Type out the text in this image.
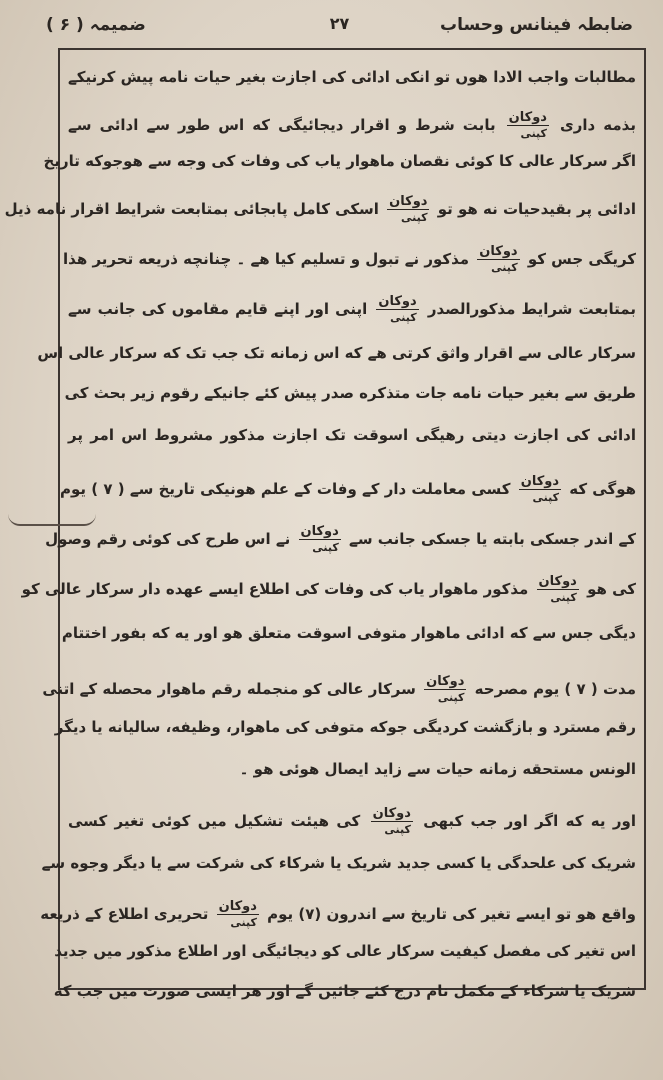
ضابطہ فینانس وحساب
۲۷
ضمیمہ ( ۶ )
مطالبات واجب الادا هوں تو انکی ادائی کی اجازت بغیر حیات نامه پیش کرنیکے
بذمه داری
$\frac{\text{دوکان}}{\text{کپنی}}$
بابت شرط و اقرار دیجائیگی که اس طور سے ادائی سے
اگر سرکار عالی کا کوئی نقصان ماهوار یاب کی وفات کی وجه سے هوجوکه تاریخ
ادائی پر بقیدحیات نه هو تو
$\frac{\text{دوکان}}{\text{کپنی}}$
اسکی کامل پابجائی بمتابعت شرایط اقرار نامه ذیل
کریگی جس کو
$\frac{\text{دوکان}}{\text{کپنی}}$
مذکور نے تبول و تسلیم کیا هے ۔ چنانچه ذریعه تحریر هذا
بمتابعت شرایط مذکورالصدر
$\frac{\text{دوکان}}{\text{کپنی}}$
اپنی اور اپنے قایم مقاموں کی جانب سے
سرکار عالی سے اقرار واثق کرتی هے که اس زمانه تک جب تک که سرکار عالی اس
طریق سے بغیر حیات نامه جات متذکره صدر پیش کئے جانیکے رقوم زیر بحث کی
ادائی کی اجازت دیتی رهیگی اسوقت تک اجازت مذکور مشروط اس امر پر
هوگی که
$\frac{\text{دوکان}}{\text{کپنی}}$
کسی معاملت دار کے وفات کے علم هونیکی تاریخ سے ( ۷ ) یوم
کے اندر جسکی بابته یا جسکی جانب سے
$\frac{\text{دوکان}}{\text{کپنی}}$
نے اس طرح کی کوئی رقم وصول
کی هو
$\frac{\text{دوکان}}{\text{کپنی}}$
مذکور ماهوار یاب کی وفات کی اطلاع ایسے عهده دار سرکار عالی کو
دیگی جس سے که ادائی ماهوار متوفی اسوقت متعلق هو اور یه که بفور اختتام
مدت ( ۷ ) یوم مصرحه
$\frac{\text{دوکان}}{\text{کپنی}}$
سرکار عالی کو منجمله رقم ماهوار محصله کے اتنی
رقم مسترد و بازگشت کردیگی جوکه متوفی کی ماهوار، وظیفه، سالیانه یا دیگر
الونس مستحقه زمانه حیات سے زاید ایصال هوئی هو ۔
اور یه که اگر اور جب کبهی
$\frac{\text{دوکان}}{\text{کپنی}}$
کی هیئت تشکیل میں کوئی تغیر کسی
شریک کی علحدگی یا کسی جدید شریک یا شرکاء کی شرکت سے یا دیگر وجوه سے
واقع هو تو ایسے تغیر کی تاریخ سے اندرون (۷) یوم
$\frac{\text{دوکان}}{\text{کپنی}}$
تحریری اطلاع کے ذریعه
اس تغیر کی مفصل کیفیت سرکار عالی کو دیجائیگی اور اطلاع مذکور میں جدید
شریک یا شرکاء کے مکمل نام درج کئے جائیں گے اور هر ایسی صورت میں جب که
